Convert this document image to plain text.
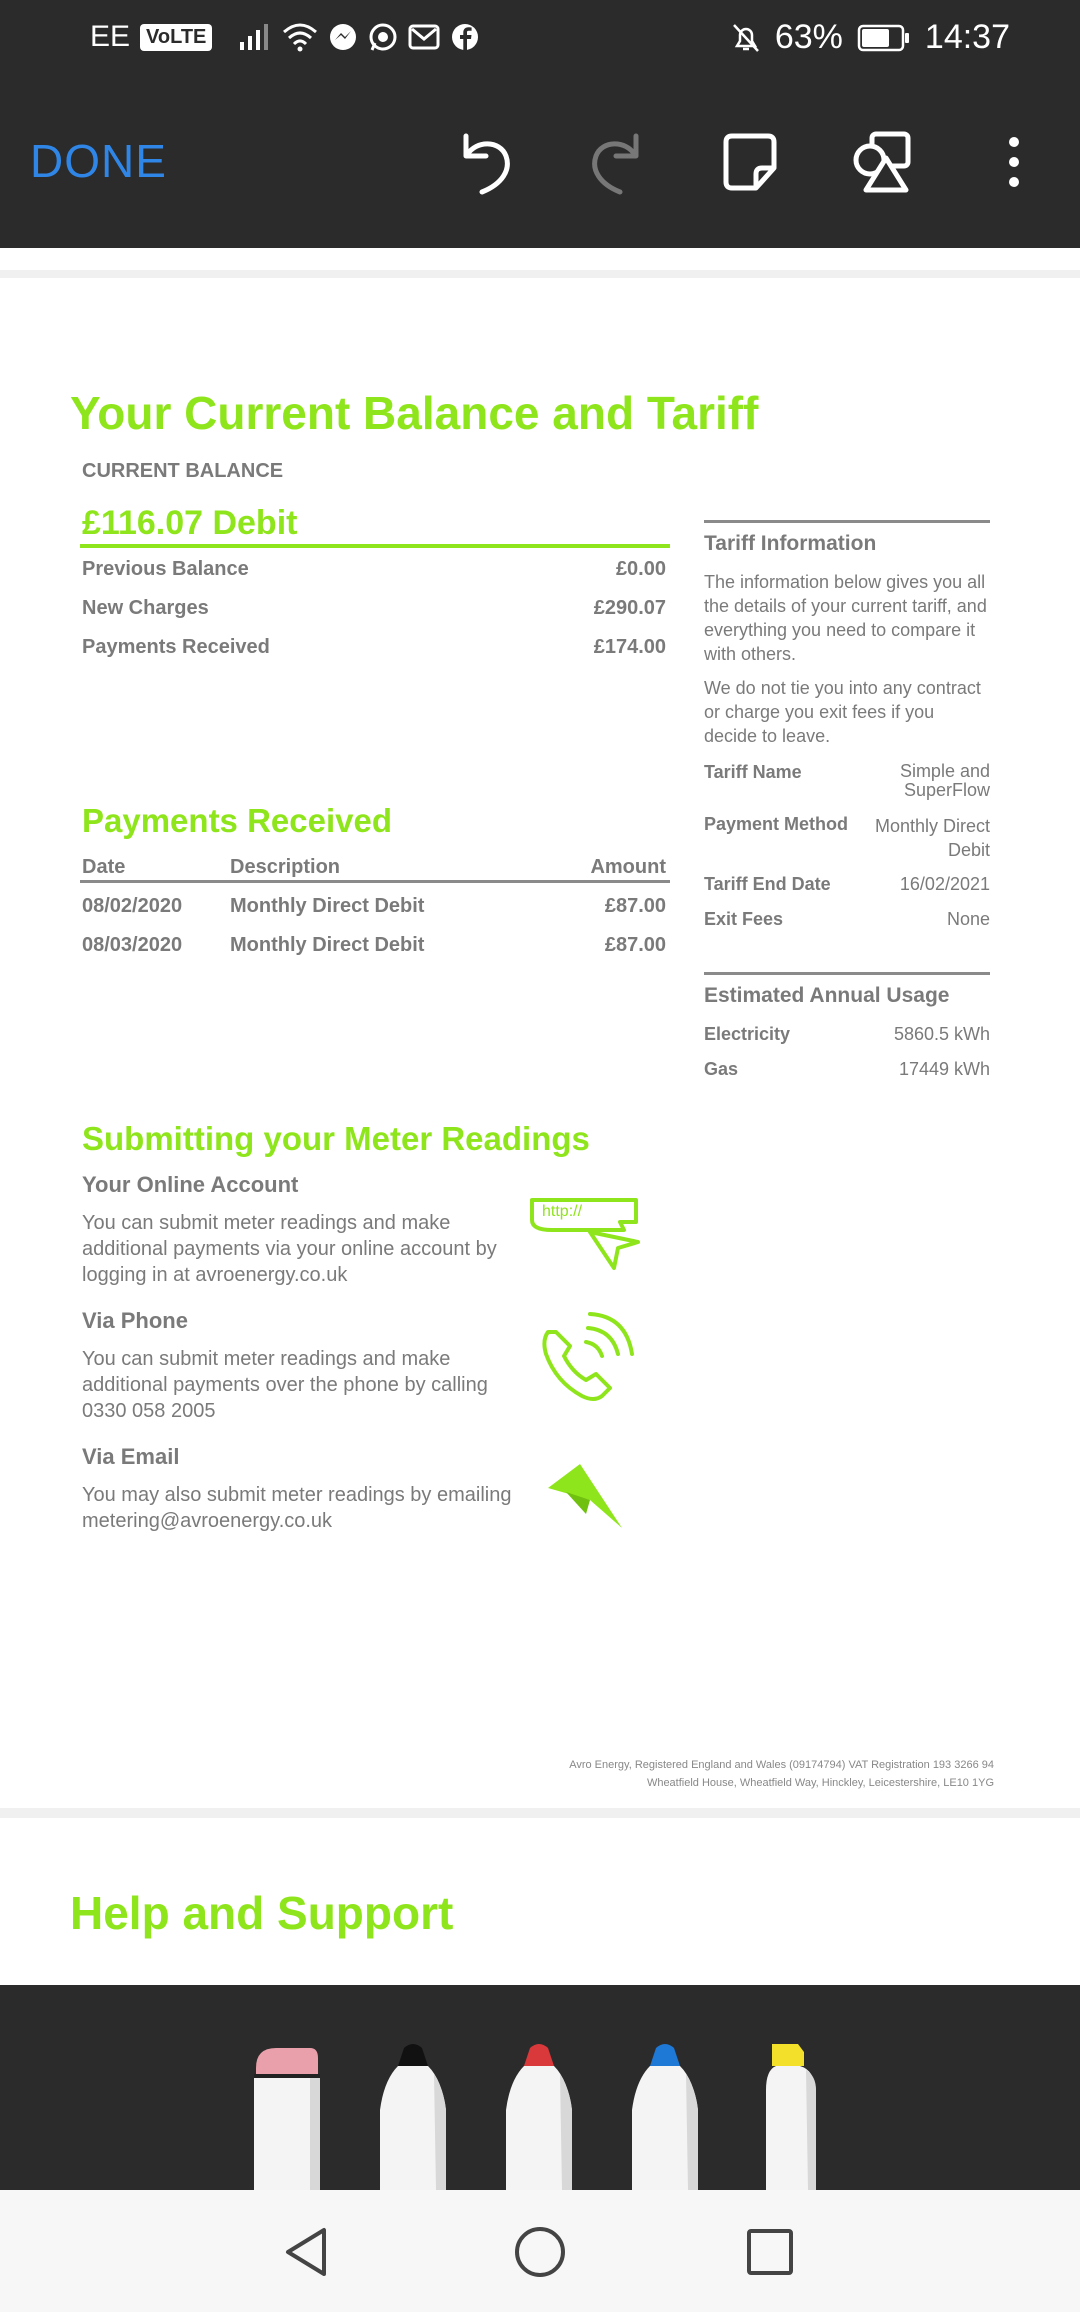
EE VoLTE	63% 14:37
DONE
Your Current Balance and Tariff
CURRENT BALANCE
£116.07 Debit
Previous Balance	£0.00
New Charges	£290.07
Payments Received	£174.00
Payments Received
Date	Description	Amount
08/02/2020	Monthly Direct Debit	£87.00
08/03/2020	Monthly Direct Debit	£87.00
Tariff Information
The information below gives you all the details of your current tariff, and everything you need to compare it with others.
We do not tie you into any contract or charge you exit fees if you decide to leave.
Tariff Name	Simple and SuperFlow
Payment Method	Monthly Direct Debit
Tariff End Date	16/02/2021
Exit Fees	None
Estimated Annual Usage
Electricity	5860.5 kWh
Gas	17449 kWh
Submitting your Meter Readings
Your Online Account
You can submit meter readings and make additional payments via your online account by logging in at avroenergy.co.uk
http://
Via Phone
You can submit meter readings and make additional payments over the phone by calling 0330 058 2005
Via Email
You may also submit meter readings by emailing metering@avroenergy.co.uk
Avro Energy, Registered England and Wales (09174794) VAT Registration 193 3266 94
Wheatfield House, Wheatfield Way, Hinckley, Leicestershire, LE10 1YG
Help and Support
